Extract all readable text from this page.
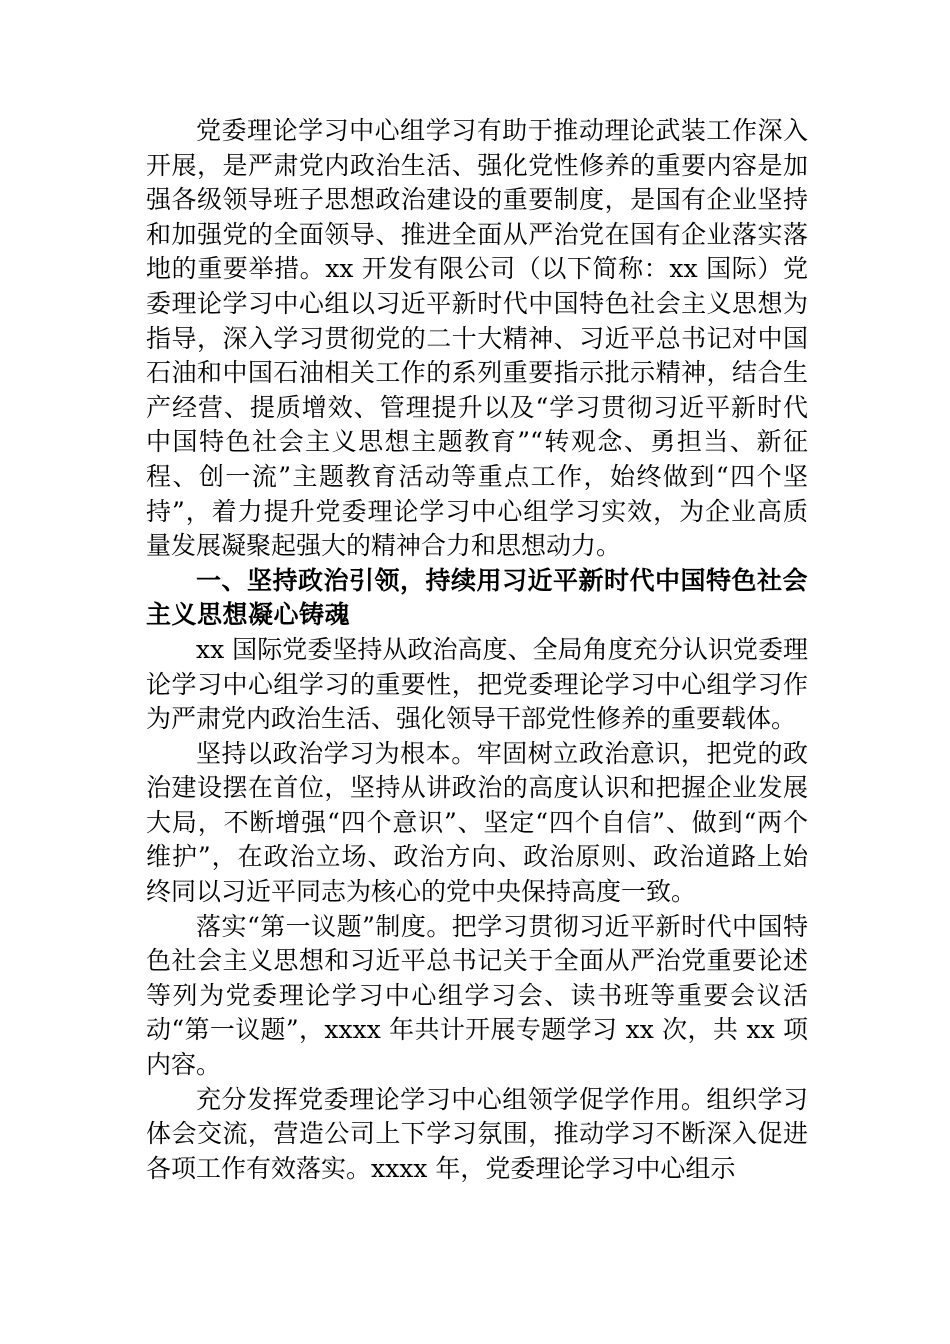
党委理论学习中心组学习有助于推动理论武装工作深入开展，是严肃党内政治生活、强化党性修养的重要内容是加强各级领导班子思想政治建设的重要制度，是国有企业坚持和加强党的全面领导、推进全面从严治党在国有企业落实落地的重要举措。xx 开发有限公司（以下简称：xx 国际）党委理论学习中心组以习近平新时代中国特色社会主义思想为指导，深入学习贯彻党的二十大精神、习近平总书记对中国石油和中国石油相关工作的系列重要指示批示精神，结合生产经营、提质增效、管理提升以及“学习贯彻习近平新时代中国特色社会主义思想主题教育”“转观念、勇担当、新征程、创一流”主题教育活动等重点工作，始终做到“四个坚持”，着力提升党委理论学习中心组学习实效，为企业高质量发展凝聚起强大的精神合力和思想动力。

一、坚持政治引领，持续用习近平新时代中国特色社会主义思想凝心铸魂

xx 国际党委坚持从政治高度、全局角度充分认识党委理论学习中心组学习的重要性，把党委理论学习中心组学习作为严肃党内政治生活、强化领导干部党性修养的重要载体。

坚持以政治学习为根本。牢固树立政治意识，把党的政治建设摆在首位，坚持从讲政治的高度认识和把握企业发展大局，不断增强“四个意识”、坚定“四个自信”、做到“两个维护”，在政治立场、政治方向、政治原则、政治道路上始终同以习近平同志为核心的党中央保持高度一致。

落实“第一议题”制度。把学习贯彻习近平新时代中国特色社会主义思想和习近平总书记关于全面从严治党重要论述等列为党委理论学习中心组学习会、读书班等重要会议活动“第一议题”，xxxx 年共计开展专题学习 xx 次，共 xx 项内容。

充分发挥党委理论学习中心组领学促学作用。组织学习体会交流，营造公司上下学习氛围，推动学习不断深入促进各项工作有效落实。xxxx 年，党委理论学习中心组示
